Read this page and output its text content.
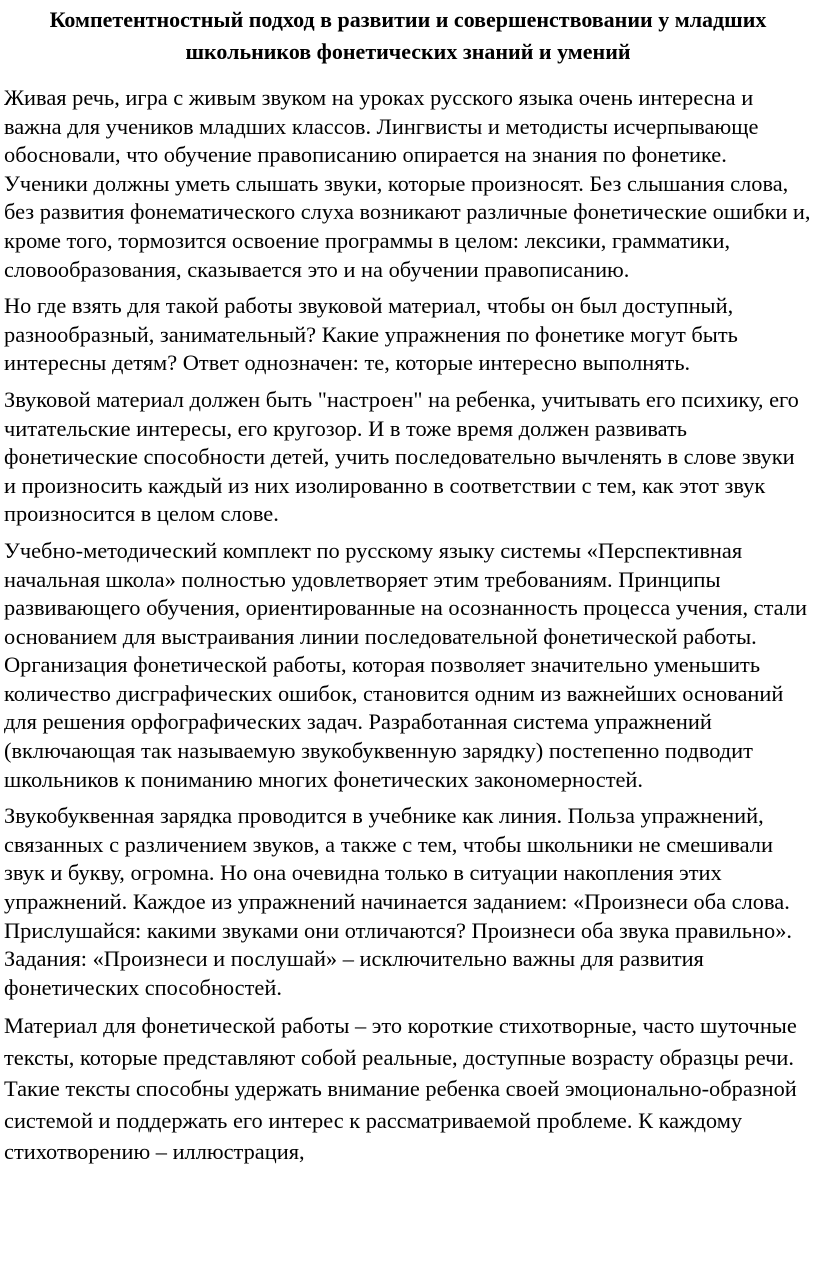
Компетентностный подход в развитии и совершенствовании у младших школьников фонетических знаний и умений

Живая речь, игра с живым звуком на уроках русского языка очень интересна и важна для учеников младших классов. Лингвисты и методисты исчерпывающе обосновали, что обучение правописанию опирается на знания по фонетике. Ученики должны уметь слышать звуки, которые произносят. Без слышания слова, без развития фонематического слуха возникают различные фонетические ошибки и, кроме того, тормозится освоение программы в целом: лексики, грамматики, словообразования, сказывается это и на обучении правописанию.

Но где взять для такой работы звуковой материал, чтобы он был доступный, разнообразный, занимательный? Какие упражнения по фонетике могут быть интересны детям? Ответ однозначен: те, которые интересно выполнять.

Звуковой материал должен быть "настроен" на ребенка, учитывать его психику, его читательские интересы, его кругозор. И в тоже время должен развивать фонетические способности детей, учить последовательно вычленять в слове звуки и произносить каждый из них изолированно в соответствии с тем, как этот звук произносится в целом слове.

Учебно-методический комплект по русскому языку системы «Перспективная начальная школа» полностью удовлетворяет этим требованиям. Принципы развивающего обучения, ориентированные на осознанность процесса учения, стали основанием для выстраивания линии последовательной фонетической работы. Организация фонетической работы, которая позволяет значительно уменьшить количество дисграфических ошибок, становится одним из важнейших оснований для решения орфографических задач. Разработанная система упражнений (включающая так называемую звукобуквенную зарядку) постепенно подводит школьников к пониманию многих фонетических закономерностей.

Звукобуквенная зарядка проводится в учебнике как линия. Польза упражнений, связанных с различением звуков, а также с тем, чтобы школьники не смешивали звук и букву, огромна. Но она очевидна только в ситуации накопления этих упражнений. Каждое из упражнений начинается заданием: «Произнеси оба слова. Прислушайся: какими звуками они отличаются? Произнеси оба звука правильно». Задания: «Произнеси и послушай» – исключительно важны для развития фонетических способностей.

Материал для фонетической работы – это короткие стихотворные, часто шуточные тексты, которые представляют собой реальные, доступные возрасту образцы речи. Такие тексты способны удержать внимание ребенка своей эмоционально-образной системой и поддержать его интерес к рассматриваемой проблеме. К каждому стихотворению – иллюстрация,
